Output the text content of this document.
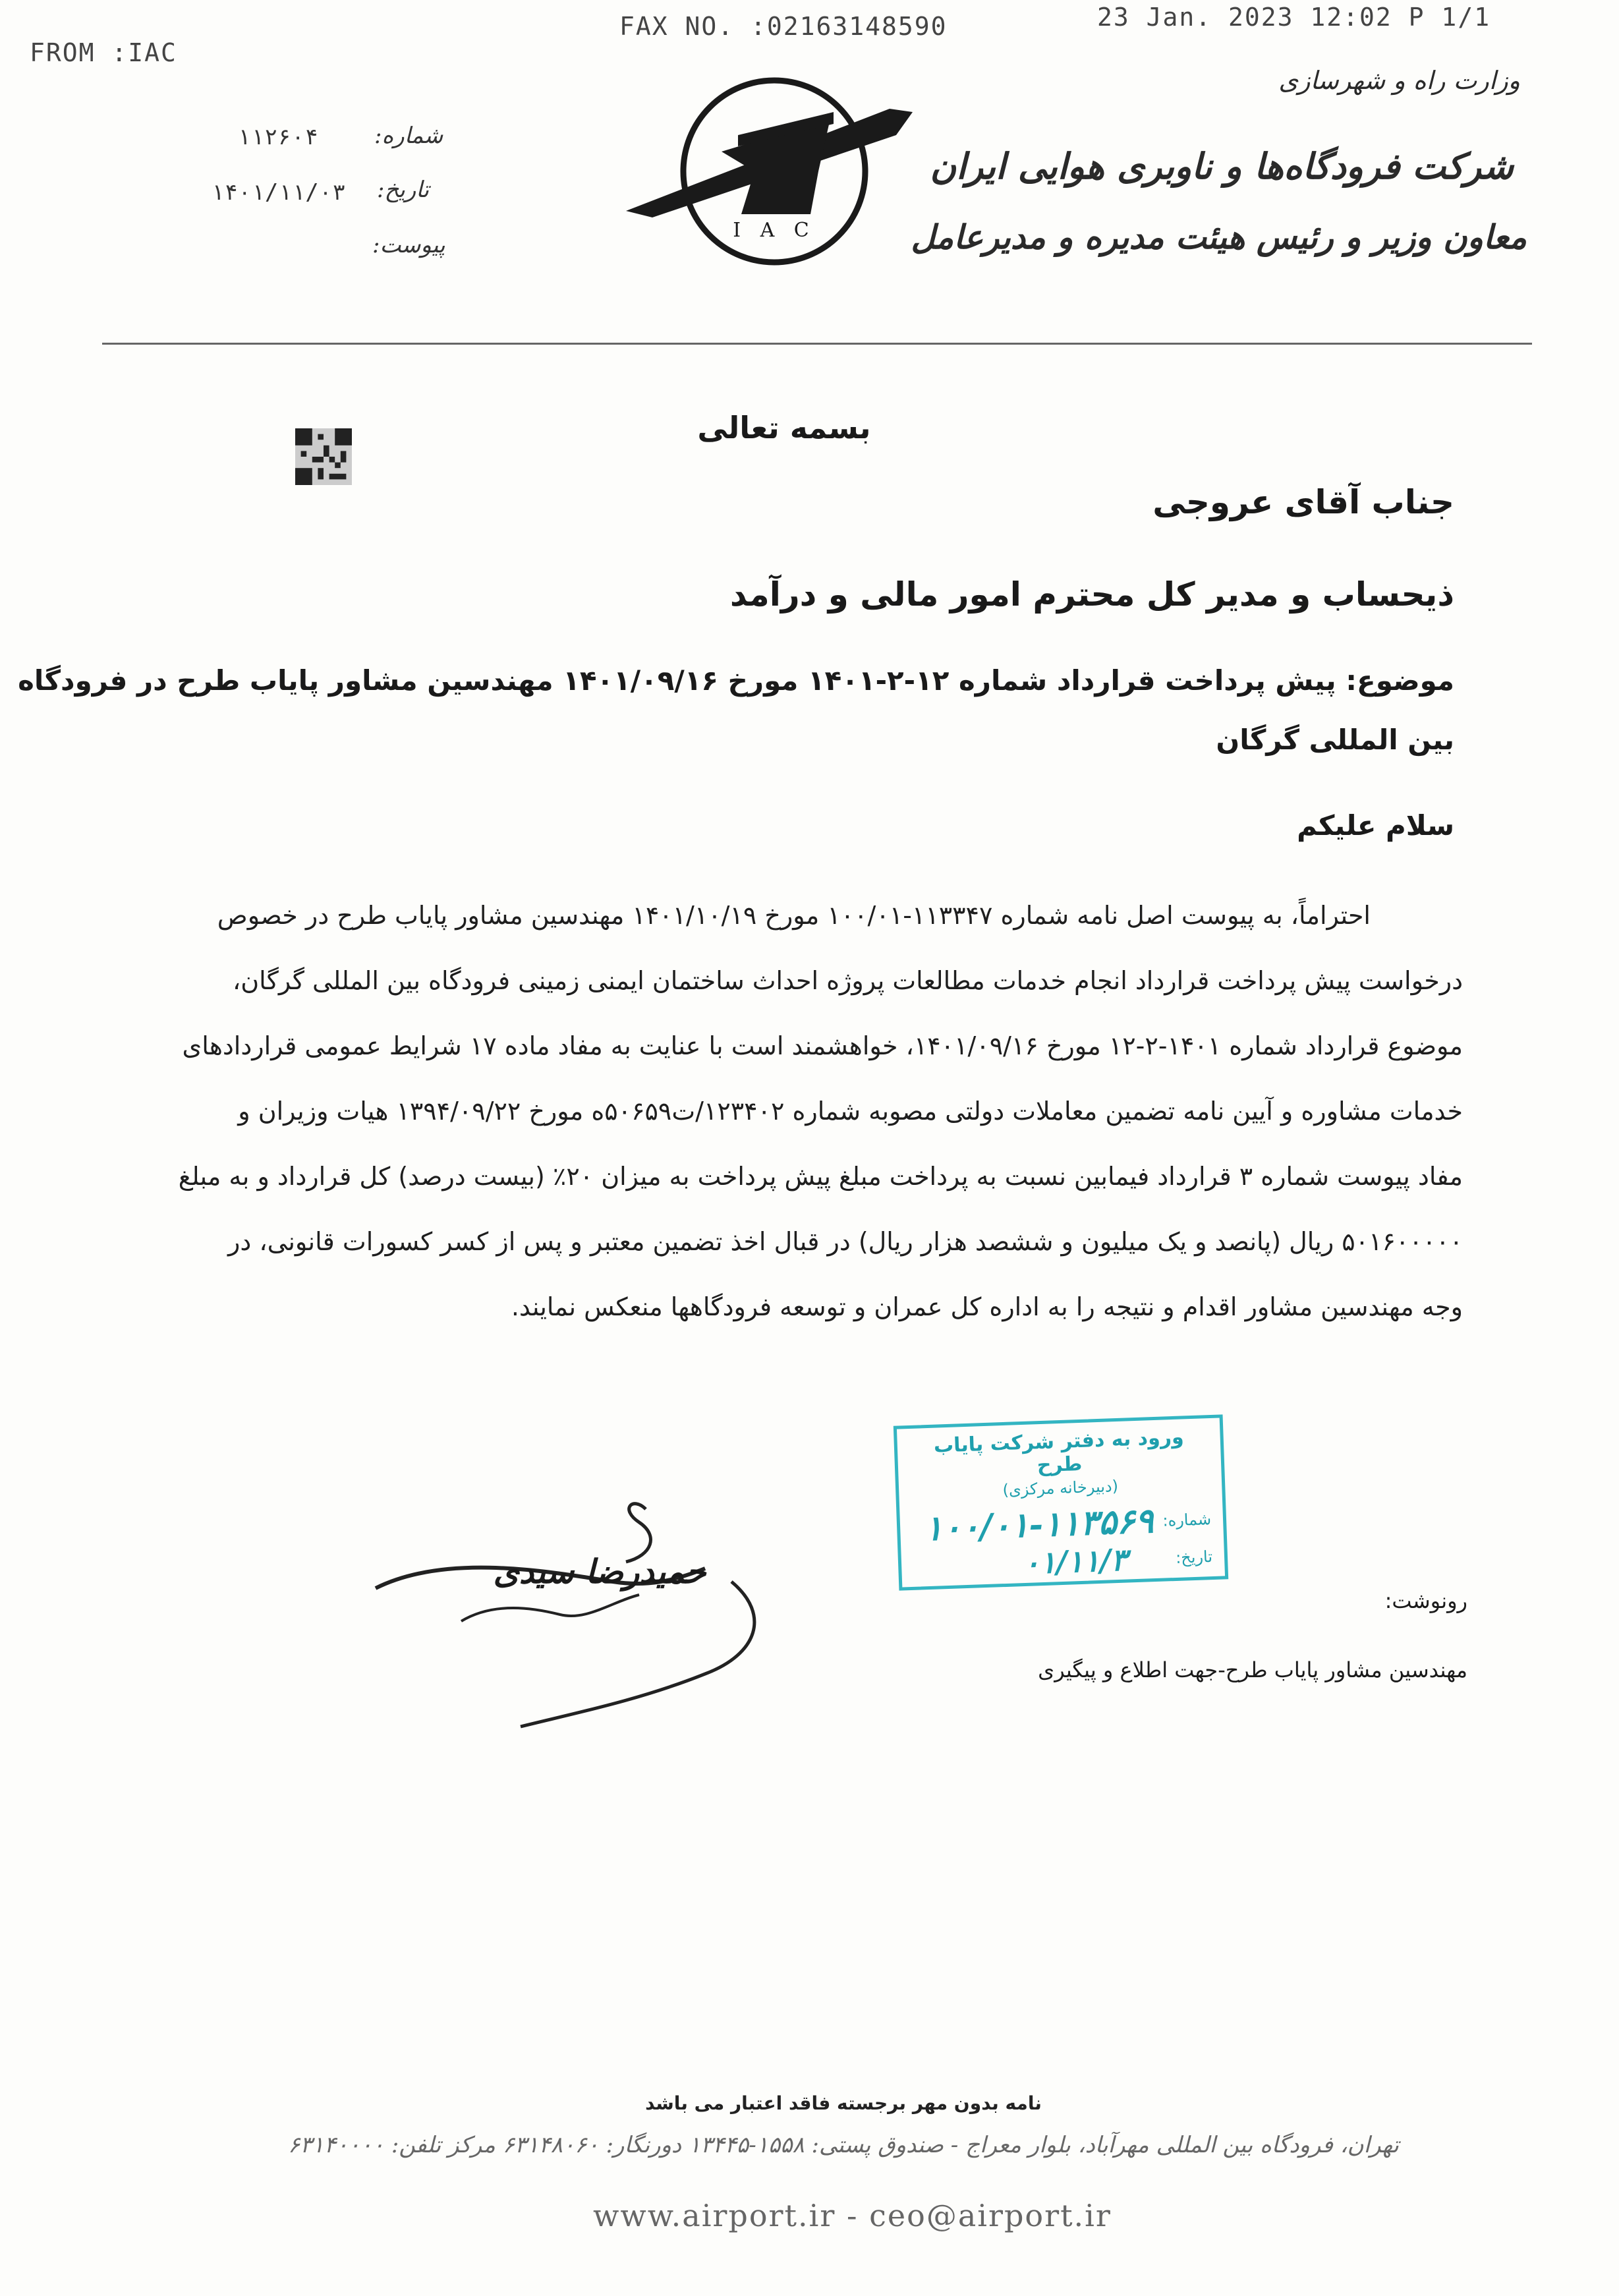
FROM :IAC
FAX NO. :02163148590	23 Jan. 2023 12:02 P 1/1
۱۱۲۶۰۴	شماره:
۱۴۰۱/۱۱/۰۳ تاریخ:
پیوست:
I A C
وزارت راه و شهرسازی
شرکت فرودگاه‌ها و ناوبری هوایی ایران
معاون وزیر و رئیس هیئت مدیره و مدیرعامل
بسمه تعالی
جناب آقای عروجی
ذیحساب و مدیر کل محترم امور مالی و درآمد
موضوع: پیش پرداخت قرارداد شماره ۱۲-۲-۱۴۰۱ مورخ ۱۴۰۱/۰۹/۱۶ مهندسین مشاور پایاب طرح در فرودگاه
بین المللی گرگان
سلام علیکم
احتراماً، به پیوست اصل نامه شماره ۱۱۳۳۴۷-۱۰۰/۰۱ مورخ ۱۴۰۱/۱۰/۱۹ مهندسین مشاور پایاب طرح در خصوص
درخواست پیش پرداخت قرارداد انجام خدمات مطالعات پروژه احداث ساختمان ایمنی زمینی فرودگاه بین المللی گرگان،
موضوع قرارداد شماره ۱۴۰۱-۲-۱۲ مورخ ۱۴۰۱/۰۹/۱۶، خواهشمند است با عنایت به مفاد ماده ۱۷ شرایط عمومی قراردادهای
خدمات مشاوره و آیین نامه تضمین معاملات دولتی مصوبه شماره ۱۲۳۴۰۲/ت۵۰۶۵۹ه مورخ ۱۳۹۴/۰۹/۲۲ هیات وزیران و
مفاد پیوست شماره ۳ قرارداد فیمابین نسبت به پرداخت مبلغ پیش پرداخت به میزان ۲۰٪ (بیست درصد) کل قرارداد و به مبلغ
۵۰۱۶۰۰۰۰۰ ریال (پانصد و یک میلیون و ششصد هزار ریال) در قبال اخذ تضمین معتبر و پس از کسر کسورات قانونی، در
وجه مهندسین مشاور اقدام و نتیجه را به اداره کل عمران و توسعه فرودگاهها منعکس نمایند.
ورود به دفتر شرکت پایاب طرح
(دبیرخانه مرکزی)
شماره:
۱۰۰/۰۱-۱۱۳۵۶۹
تاریخ:
۰۱/۱۱/۳
حمیدرضا سیدی
رونوشت:
مهندسین مشاور پایاب طرح-جهت اطلاع و پیگیری
نامه بدون مهر برجسته فاقد اعتبار می باشد
تهران، فرودگاه بین المللی مهرآباد، بلوار معراج - صندوق پستی: ۱۵۵۸-۱۳۴۴۵ دورنگار: ۶۳۱۴۸۰۶۰ مرکز تلفن: ۶۳۱۴۰۰۰۰
www.airport.ir - ceo@airport.ir
